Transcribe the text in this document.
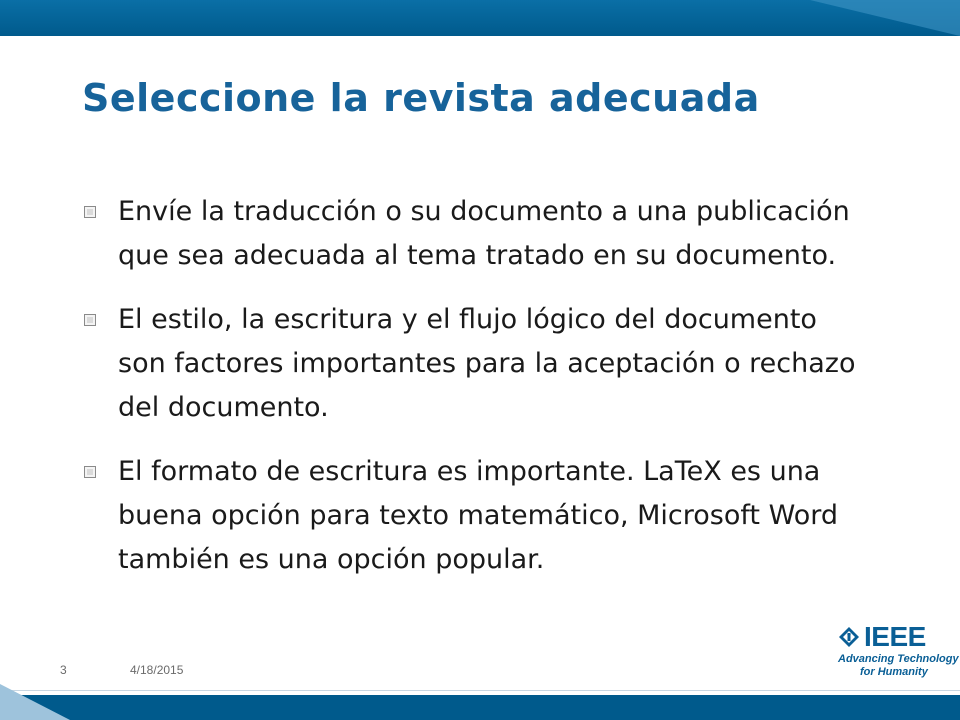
Seleccione la revista adecuada
Envíe la traducción o su documento a una publicación que sea adecuada al tema tratado en su documento.
El estilo, la escritura y el flujo lógico del documento son factores importantes para la aceptación o rechazo del documento.
El formato de escritura es importante. LaTeX es una buena opción para texto matemático, Microsoft Word también es una opción popular.
IEEE
Advancing Technology
for Humanity
3	4/18/2015
